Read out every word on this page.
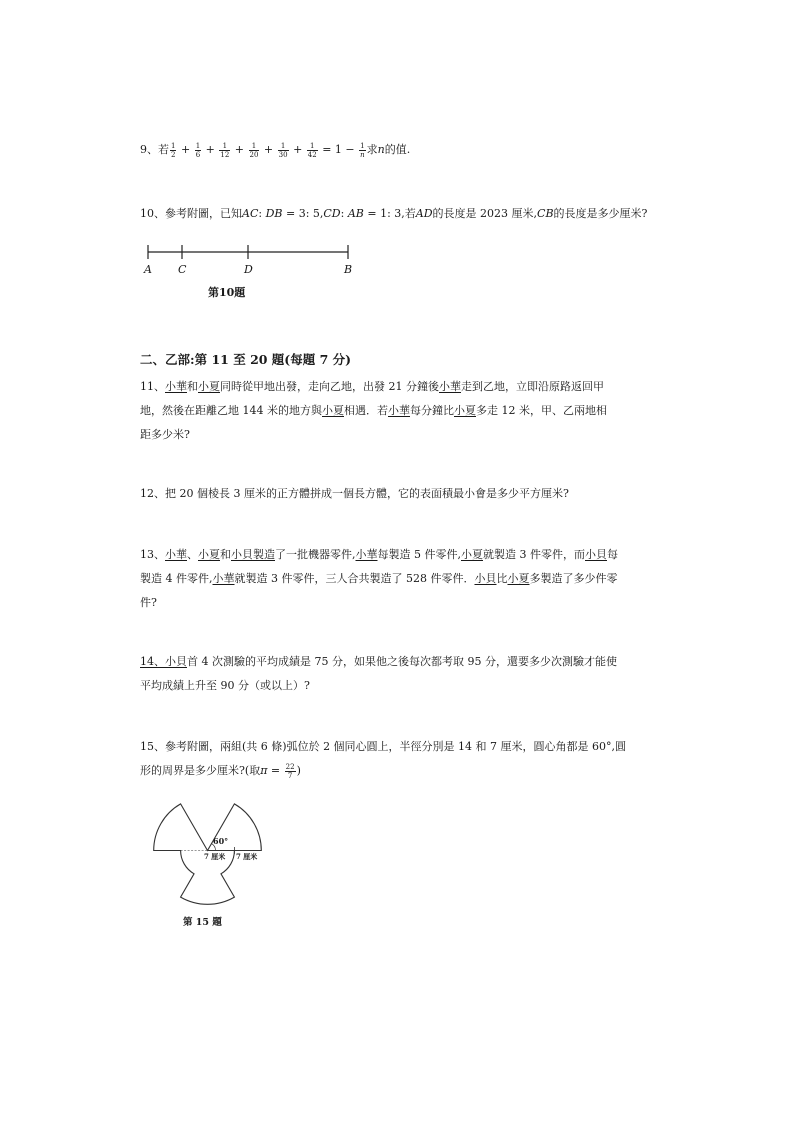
9、若 $\frac{1}{2} + \frac{1}{6} + \frac{1}{12} + \frac{1}{20} + \frac{1}{30} + \frac{1}{42} = 1 - \frac{1}{n}$ 求n的值.
10、參考附圖，已知AC: DB = 3: 5,CD: AB = 1: 3,若AD的長度是 2023 厘米,CB的長度是多少厘米?
A C	D	B
第10題
二、乙部:第 11 至 20 題(每題 7 分)
11、小華和小夏同時從甲地出發，走向乙地，出發 21 分鐘後小華走到乙地，立即沿原路返回甲
地，然後在距離乙地 144 米的地方與小夏相遇．若小華每分鐘比小夏多走 12 米，甲、乙兩地相
距多少米?
12、把 20 個棱長 3 厘米的正方體拼成一個長方體，它的表面積最小會是多少平方厘米?
13、小華、小夏和小貝製造了一批機器零件,小華每製造 5 件零件,小夏就製造 3 件零件，而小貝每
製造 4 件零件,小華就製造 3 件零件，三人合共製造了 528 件零件．小貝比小夏多製造了多少件零
件?
14、小貝首 4 次測驗的平均成績是 75 分，如果他之後每次都考取 95 分，還要多少次測驗才能使
平均成績上升至 90 分（或以上）?
15、參考附圖，兩組(共 6 條)弧位於 2 個同心圓上，半徑分別是 14 和 7 厘米，圓心角都是 60°,圓
形的周界是多少厘米?(取$\pi = \frac{22}{7}$ )
60°
7 厘米 7 厘米
第 15 題
